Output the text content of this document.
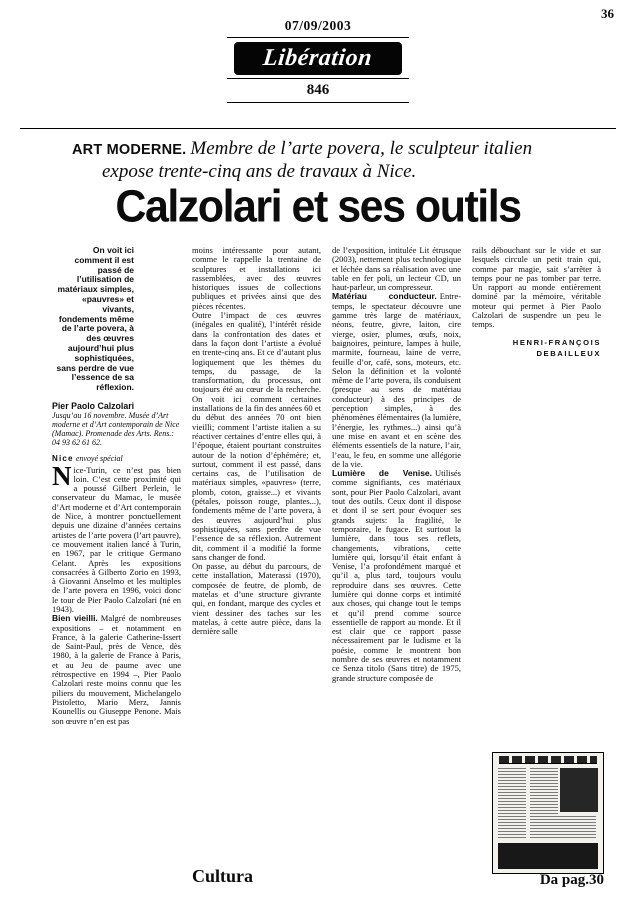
36
07/09/2003
Libération
846
ART MODERNE. Membre de l’arte povera, le sculpteur italien
expose trente-cinq ans de travaux à Nice.
Calzolari et ses outils
On voit ici comment il est passé de l’utilisation de matériaux simples, «pauvres» et vivants, fondements même de l’arte povera, à des œuvres aujourd’hui plus sophistiquées, sans perdre de vue l’essence de sa réflexion.
Pier Paolo Calzolari
Jusqu’au 16 novembre. Musée d’Art moderne et d’Art contemporain de Nice (Mamac). Promenade des Arts. Rens.: 04 93 62 61 62.
Nice envoyé spécial

Nice-Turin, ce n’est pas bien loin. C’est cette proximité qui a poussé Gilbert Perlein, le conservateur du Mamac, le musée d’Art moderne et d’Art contemporain de Nice, à montrer ponctuellement depuis une dizaine d’années certains artistes de l’arte povera (l’art pauvre), ce mouvement italien lancé à Turin, en 1967, par le critique Germano Celant. Après les expositions consacrées à Gilberto Zorio en 1993, à Giovanni Anselmo et les multiples de l’arte povera en 1996, voici donc le tour de Pier Paolo Calzolari (né en 1943).

Bien vieilli. Malgré de nombreuses expositions – et notamment en France, à la galerie Catherine-Issert de Saint-Paul, près de Vence, dès 1980, à la galerie de France à Paris, et au Jeu de paume avec une rétrospective en 1994 –, Pier Paolo Calzolari reste moins connu que les piliers du mouvement, Michelangelo Pistoletto, Mario Merz, Jannis Kounellis ou Giuseppe Penone. Mais son œuvre n’en est pas

moins intéressante pour autant, comme le rappelle la trentaine de sculptures et installations ici rassemblées, avec des œuvres historiques issues de collections publiques et privées ainsi que des pièces récentes.

Outre l’impact de ces œuvres (inégales en qualité), l’intérêt réside dans la confrontation des dates et dans la façon dont l’artiste a évolué en trente-cinq ans. Et ce d’autant plus logiquement que les thèmes du temps, du passage, de la transformation, du processus, ont toujours été au cœur de la recherche. On voit ici comment certaines installations de la fin des années 60 et du début des années 70 ont bien vieilli; comment l’artiste italien a su réactiver certaines d’entre elles qui, à l’époque, étaient pourtant construites autour de la notion d’éphémère; et, surtout, comment il est passé, dans certains cas, de l’utilisation de matériaux simples, «pauvres» (terre, plomb, coton, graisse...) et vivants (pétales, poisson rouge, plantes...), fondements même de l’arte povera, à des œuvres aujourd’hui plus sophistiquées, sans perdre de vue l’essence de sa réflexion. Autrement dit, comment il a modifié la forme sans changer de fond.

On passe, au début du parcours, de cette installation, Materassi (1970), composée de feutre, de plomb, de matelas et d’une structure givrante qui, en fondant, marque des cycles et vient dessiner des taches sur les matelas, à cette autre pièce, dans la dernière salle

de l’exposition, intitulée Lit étrusque (2003), nettement plus technologique et léchée dans sa réalisation avec une table en fer poli, un lecteur CD, un haut-parleur, un compresseur.

Matériau conducteur. Entre-temps, le spectateur découvre une gamme très large de matériaux, néons, feutre, givre, laiton, cire vierge, osier, plumes, œufs, noix, baignoires, peinture, lampes à huile, marmite, fourneau, laine de verre, feuille d’or, café, sons, moteurs, etc. Selon la définition et la volonté même de l’arte povera, ils conduisent (presque au sens de matériau conducteur) à des principes de perception simples, à des phénomènes élémentaires (la lumière, l’énergie, les rythmes...) ainsi qu’à une mise en avant et en scène des éléments essentiels de la nature, l’air, l’eau, le feu, en somme une allégorie de la vie.

Lumière de Venise. Utilisés comme signifiants, ces matériaux sont, pour Pier Paolo Calzolari, avant tout des outils. Ceux dont il dispose et dont il se sert pour évoquer ses grands sujets: la fragilité, le temporaire, le fugace. Et surtout la lumière, dans tous ses reflets, changements, vibrations, cette lumière qui, lorsqu’il était enfant à Venise, l’a profondément marqué et qu’il a, plus tard, toujours voulu reproduire dans ses œuvres. Cette lumière qui donne corps et intimité aux choses, qui change tout le temps et qu’il prend comme source essentielle de rapport au monde. Et il est clair que ce rapport passe nécessairement par le ludisme et la poésie, comme le montrent bon nombre de ses œuvres et notamment ce Senza titolo (Sans titre) de 1975, grande structure composée de

rails débouchant sur le vide et sur lesquels circule un petit train qui, comme par magie, sait s’arrêter à temps pour ne pas tomber par terre. Un rapport au monde entièrement dominé par la mémoire, véritable moteur qui permet à Pier Paolo Calzolari de suspendre un peu le temps.

HENRI-FRANÇOIS
DEBAILLEUX
Cultura	Da pag.30
